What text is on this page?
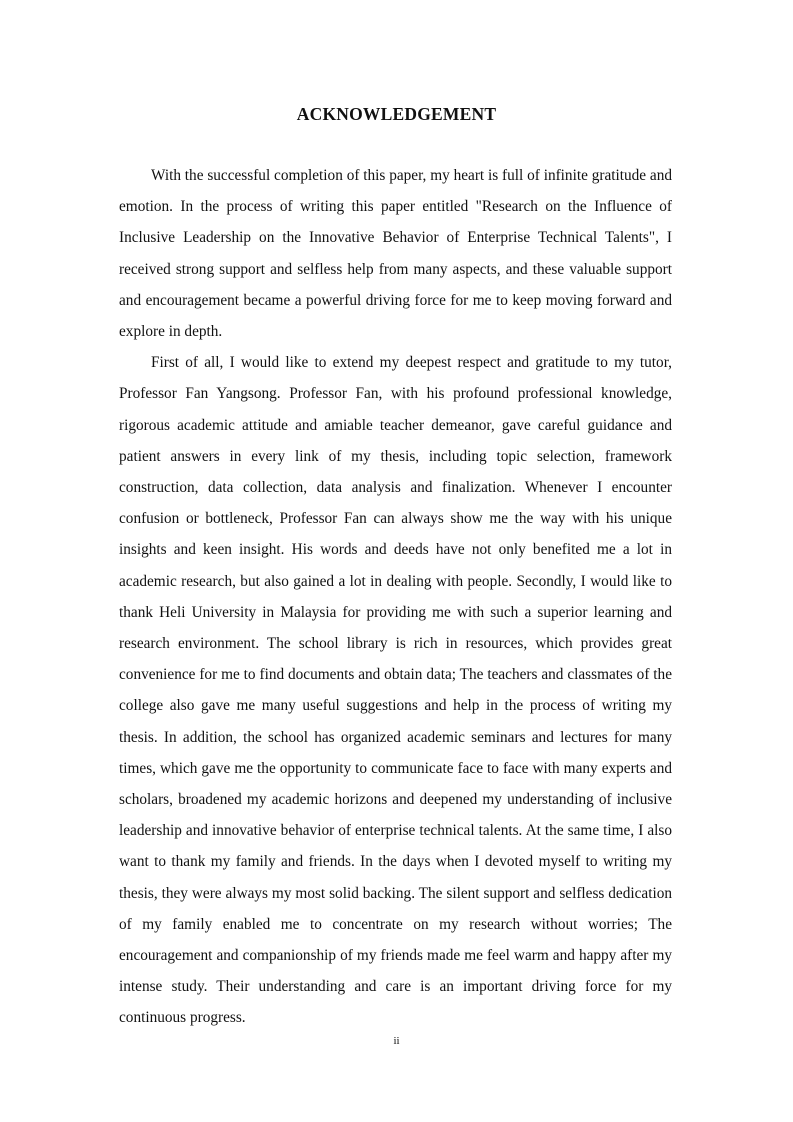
ACKNOWLEDGEMENT

With the successful completion of this paper, my heart is full of infinite gratitude and emotion. In the process of writing this paper entitled "Research on the Influence of Inclusive Leadership on the Innovative Behavior of Enterprise Technical Talents", I received strong support and selfless help from many aspects, and these valuable support and encouragement became a powerful driving force for me to keep moving forward and explore in depth.

First of all, I would like to extend my deepest respect and gratitude to my tutor, Professor Fan Yangsong. Professor Fan, with his profound professional knowledge, rigorous academic attitude and amiable teacher demeanor, gave careful guidance and patient answers in every link of my thesis, including topic selection, framework construction, data collection, data analysis and finalization. Whenever I encounter confusion or bottleneck, Professor Fan can always show me the way with his unique insights and keen insight. His words and deeds have not only benefited me a lot in academic research, but also gained a lot in dealing with people. Secondly, I would like to thank Heli University in Malaysia for providing me with such a superior learning and research environment. The school library is rich in resources, which provides great convenience for me to find documents and obtain data; The teachers and classmates of the college also gave me many useful suggestions and help in the process of writing my thesis. In addition, the school has organized academic seminars and lectures for many times, which gave me the opportunity to communicate face to face with many experts and scholars, broadened my academic horizons and deepened my understanding of inclusive leadership and innovative behavior of enterprise technical talents. At the same time, I also want to thank my family and friends. In the days when I devoted myself to writing my thesis, they were always my most solid backing. The silent support and selfless dedication of my family enabled me to concentrate on my research without worries; The encouragement and companionship of my friends made me feel warm and happy after my intense study. Their understanding and care is an important driving force for my continuous progress.

ii
